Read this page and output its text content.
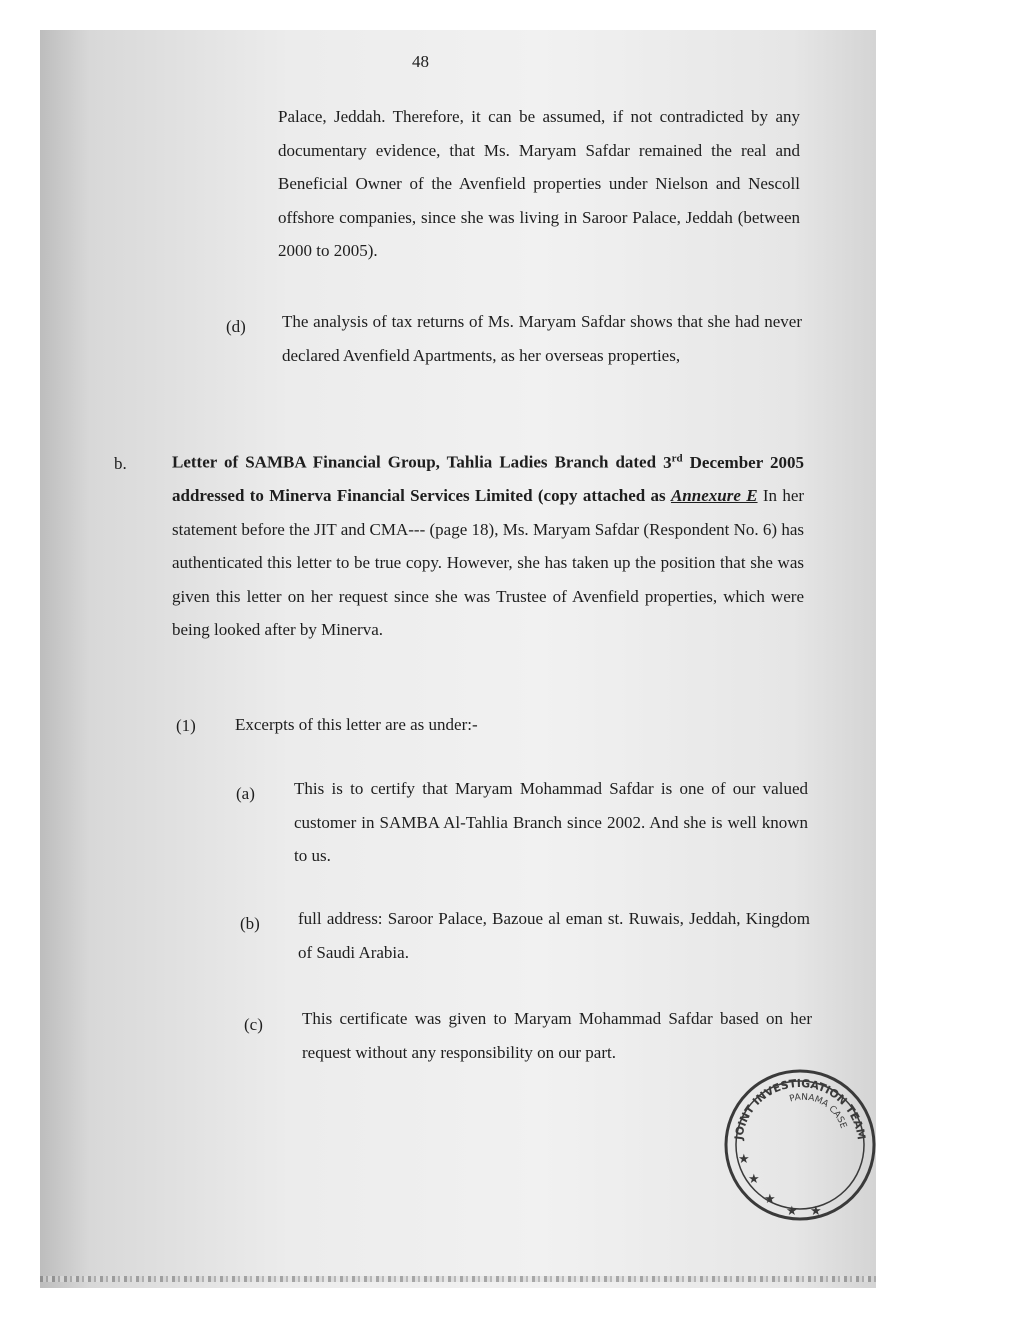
48
Palace, Jeddah. Therefore, it can be assumed, if not contradicted by any documentary evidence, that Ms. Maryam Safdar remained the real and Beneficial Owner of the Avenfield properties under Nielson and Nescoll offshore companies, since she was living in Saroor Palace, Jeddah (between 2000 to 2005).
(d) The analysis of tax returns of Ms. Maryam Safdar shows that she had never declared Avenfield Apartments, as her overseas properties,
b.	Letter of SAMBA Financial Group, Tahlia Ladies Branch dated 3rd December 2005 addressed to Minerva Financial Services Limited (copy attached as Annexure E In her statement before the JIT and CMA--- (page 18), Ms. Maryam Safdar (Respondent No. 6) has authenticated this letter to be true copy. However, she has taken up the position that she was given this letter on her request since she was Trustee of Avenfield properties, which were being looked after by Minerva.
(1) Excerpts of this letter are as under:-
(a) This is to certify that Maryam Mohammad Safdar is one of our valued customer in SAMBA Al-Tahlia Branch since 2002. And she is well known to us.
(b) full address: Saroor Palace, Bazoue al eman st. Ruwais, Jeddah, Kingdom of Saudi Arabia.
(c) This certificate was given to Maryam Mohammad Safdar based on her request without any responsibility on our part.
JOINT INVESTIGATION TEAM
PANAMA CASE
★
★
★ ★
★
